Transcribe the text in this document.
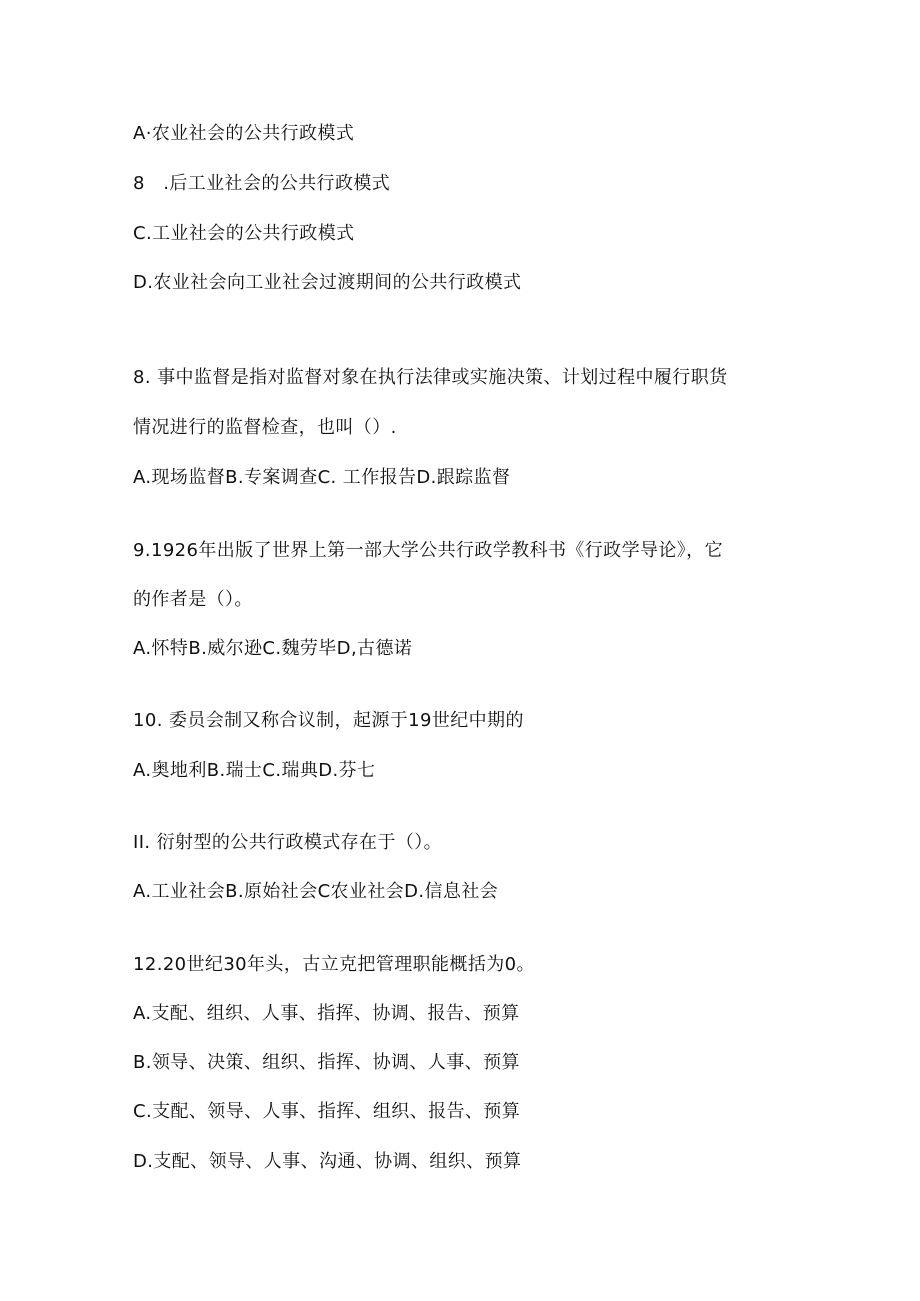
A·农业社会的公共行政模式
8   .后工业社会的公共行政模式
C.工业社会的公共行政模式
D.农业社会向工业社会过渡期间的公共行政模式
8. 事中监督是指对监督对象在执行法律或实施决策、计划过程中履行职货
情况进行的监督检查，也叫（）.
A.现场监督B.专案调查C. 工作报告D.跟踪监督
9.1926年出版了世界上第一部大学公共行政学教科书《行政学导论》，它
的作者是（）。
A.怀特B.威尔逊C.魏劳毕D,古德诺
10. 委员会制又称合议制，起源于19世纪中期的
A.奥地利B.瑞士C.瑞典D.芬七
II. 衍射型的公共行政模式存在于（）。
A.工业社会B.原始社会C农业社会D.信息社会
12.20世纪30年头，古立克把管理职能概括为0。
A.支配、组织、人事、指挥、协调、报告、预算
B.领导、决策、组织、指挥、协调、人事、预算
C.支配、领导、人事、指挥、组织、报告、预算
D.支配、领导、人事、沟通、协调、组织、预算
